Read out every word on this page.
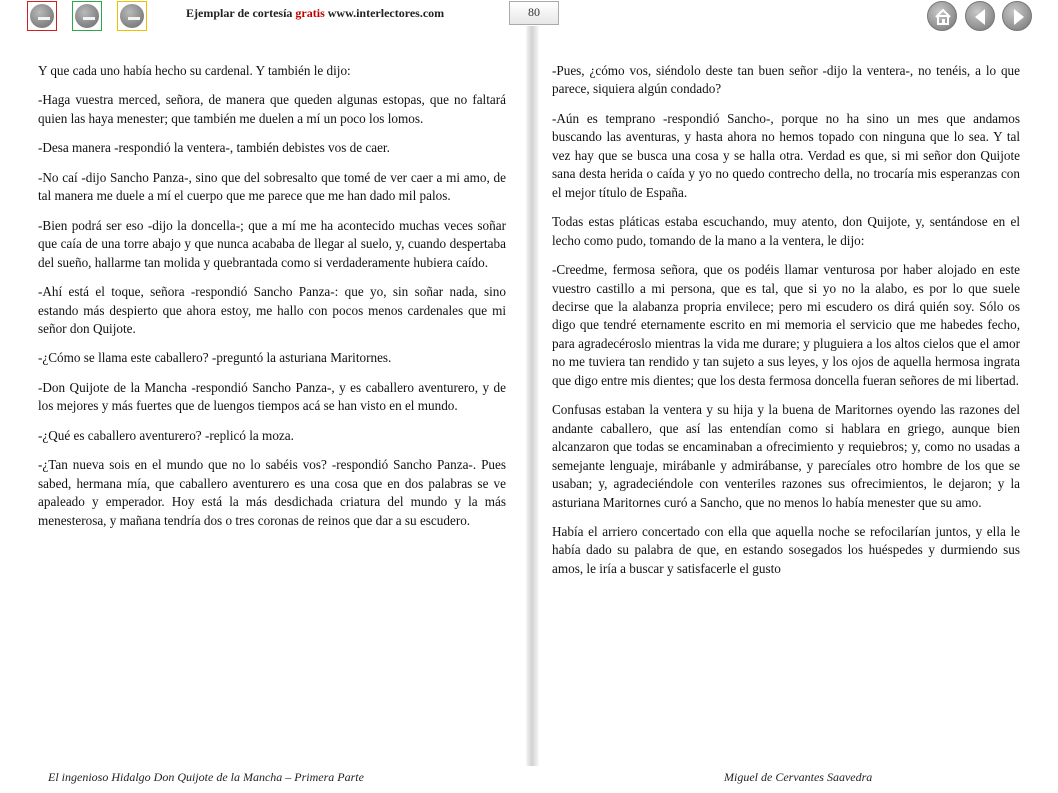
Ejemplar de cortesía gratis www.interlectores.com	80

Y que cada uno había hecho su cardenal. Y también le dijo:

-Haga vuestra merced, señora, de manera que queden algunas estopas, que no faltará quien las haya menester; que también me duelen a mí un poco los lomos.

-Desa manera -respondió la ventera-, también debistes vos de caer.

-No caí -dijo Sancho Panza-, sino que del sobresalto que tomé de ver caer a mi amo, de tal manera me duele a mí el cuerpo que me parece que me han dado mil palos.

-Bien podrá ser eso -dijo la doncella-; que a mí me ha acontecido muchas veces soñar que caía de una torre abajo y que nunca acababa de llegar al suelo, y, cuando despertaba del sueño, hallarme tan molida y quebrantada como si verdaderamente hubiera caído.

-Ahí está el toque, señora -respondió Sancho Panza-: que yo, sin soñar nada, sino estando más despierto que ahora estoy, me hallo con pocos menos cardenales que mi señor don Quijote.

-¿Cómo se llama este caballero? -preguntó la asturiana Maritornes.

-Don Quijote de la Mancha -respondió Sancho Panza-, y es caballero aventurero, y de los mejores y más fuertes que de luengos tiempos acá se han visto en el mundo.

-¿Qué es caballero aventurero? -replicó la moza.

-¿Tan nueva sois en el mundo que no lo sabéis vos? -respondió Sancho Panza-. Pues sabed, hermana mía, que caballero aventurero es una cosa que en dos palabras se ve apaleado y emperador. Hoy está la más desdichada criatura del mundo y la más menesterosa, y mañana tendría dos o tres coronas de reinos que dar a su escudero.

-Pues, ¿cómo vos, siéndolo deste tan buen señor -dijo la ventera-, no tenéis, a lo que parece, siquiera algún condado?

-Aún es temprano -respondió Sancho-, porque no ha sino un mes que andamos buscando las aventuras, y hasta ahora no hemos topado con ninguna que lo sea. Y tal vez hay que se busca una cosa y se halla otra. Verdad es que, si mi señor don Quijote sana desta herida o caída y yo no quedo contrecho della, no trocaría mis esperanzas con el mejor título de España.

Todas estas pláticas estaba escuchando, muy atento, don Quijote, y, sentándose en el lecho como pudo, tomando de la mano a la ventera, le dijo:

-Creedme, fermosa señora, que os podéis llamar venturosa por haber alojado en este vuestro castillo a mi persona, que es tal, que si yo no la alabo, es por lo que suele decirse que la alabanza propria envilece; pero mi escudero os dirá quién soy. Sólo os digo que tendré eternamente escrito en mi memoria el servicio que me habedes fecho, para agradecéroslo mientras la vida me durare; y pluguiera a los altos cielos que el amor no me tuviera tan rendido y tan sujeto a sus leyes, y los ojos de aquella hermosa ingrata que digo entre mis dientes; que los desta fermosa doncella fueran señores de mi libertad.

Confusas estaban la ventera y su hija y la buena de Maritornes oyendo las razones del andante caballero, que así las entendían como si hablara en griego, aunque bien alcanzaron que todas se encaminaban a ofrecimiento y requiebros; y, como no usadas a semejante lenguaje, mirábanle y admirábanse, y parecíales otro hombre de los que se usaban; y, agradeciéndole con venteriles razones sus ofrecimientos, le dejaron; y la asturiana Maritornes curó a Sancho, que no menos lo había menester que su amo.

Había el arriero concertado con ella que aquella noche se refocilarían juntos, y ella le había dado su palabra de que, en estando sosegados los huéspedes y durmiendo sus amos, le iría a buscar y satisfacerle el gusto

El ingenioso Hidalgo Don Quijote de la Mancha – Primera Parte	Miguel de Cervantes Saavedra
